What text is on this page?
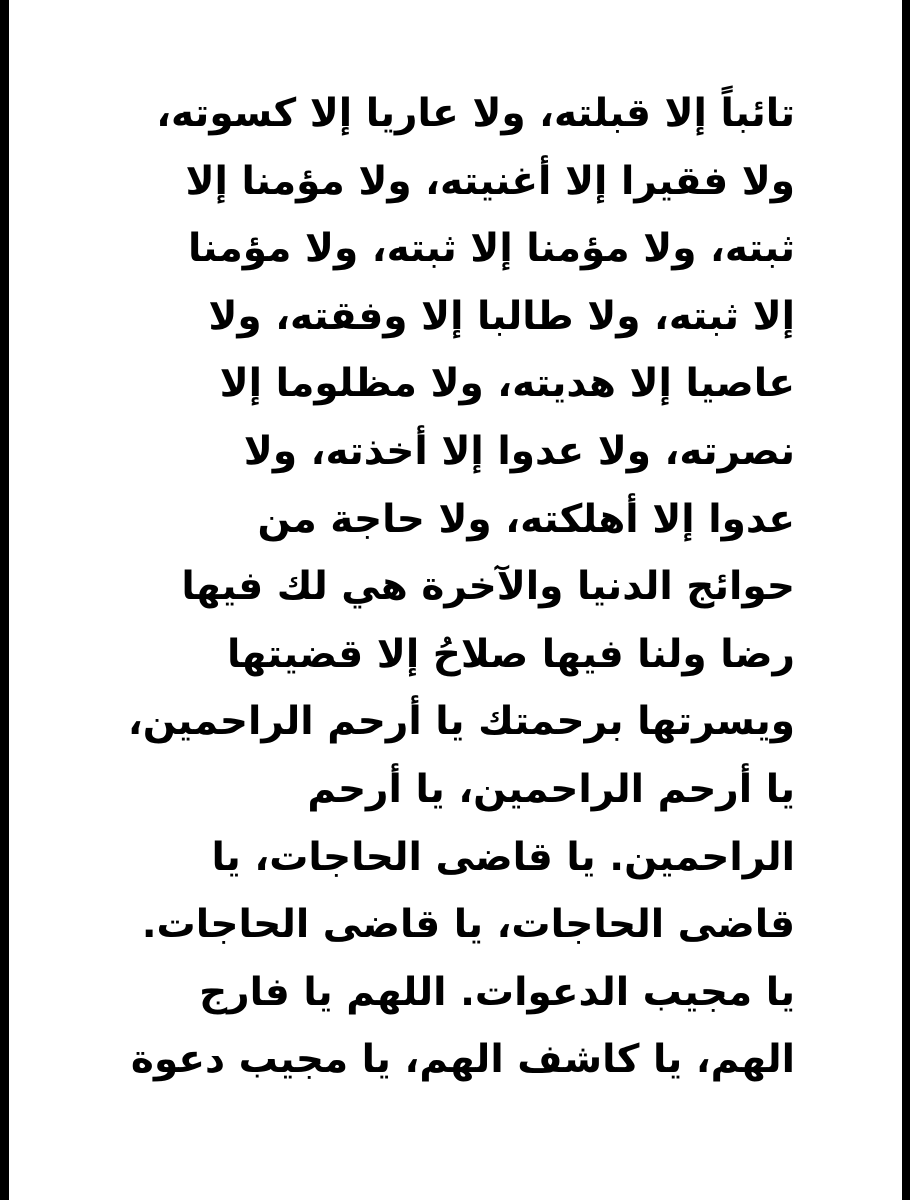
تائباً إلا قبلته، ولا عاريا إلا كسوته،
ولا فقيرا إلا أغنيته، ولا مؤمنا إلا
ثبته، ولا مؤمنا إلا ثبته، ولا مؤمنا
إلا ثبته، ولا طالبا إلا وفقته، ولا
عاصيا إلا هديته، ولا مظلوما إلا
نصرته، ولا عدوا إلا أخذته، ولا
عدوا إلا أهلكته، ولا حاجة من
حوائج الدنيا والآخرة هي لك فيها
رضا ولنا فيها صلاحُ إلا قضيتها
ويسرتها برحمتك يا أرحم الراحمين،
يا أرحم الراحمين، يا أرحم
الراحمين. يا قاضى الحاجات، يا
قاضى الحاجات، يا قاضى الحاجات.
يا مجيب الدعوات. اللهم يا فارج
الهم، يا كاشف الهم، يا مجيب دعوة
